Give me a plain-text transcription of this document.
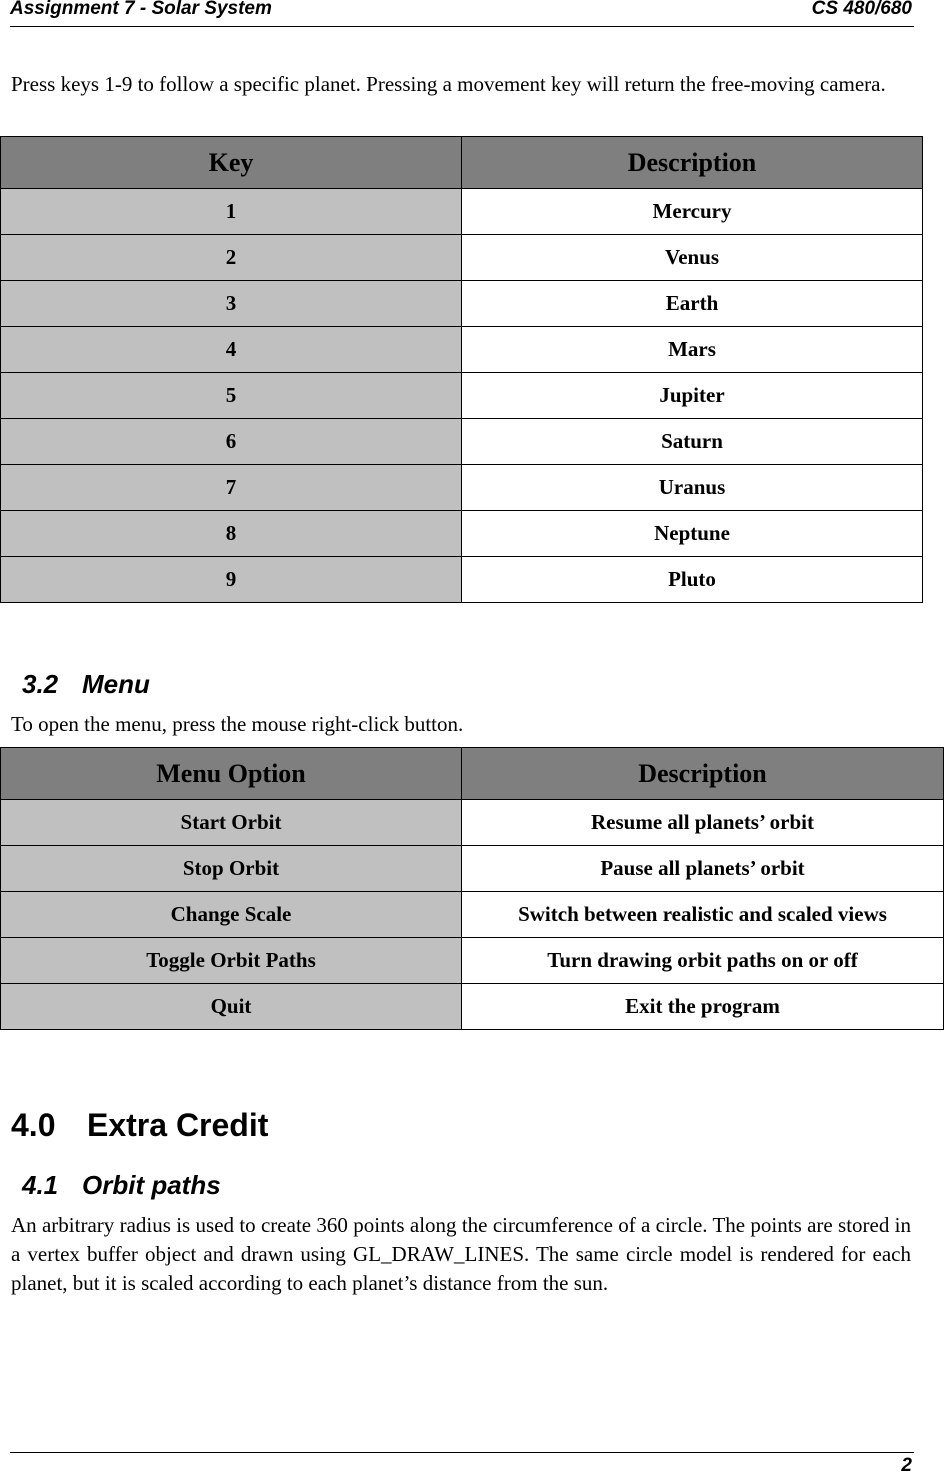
Assignment 7 - Solar System	CS 480/680
Press keys 1-9 to follow a specific planet. Pressing a movement key will return the free-moving camera.
Key	Description
1	Mercury
2	Venus
3	Earth
4	Mars
5	Jupiter
6	Saturn
7	Uranus
8	Neptune
9	Pluto
3.2 Menu
To open the menu, press the mouse right-click button.
Menu Option	Description
Start Orbit	Resume all planets’ orbit
Stop Orbit	Pause all planets’ orbit
Change Scale	Switch between realistic and scaled views
Toggle Orbit Paths	Turn drawing orbit paths on or off
Quit	Exit the program
4.0 Extra Credit
4.1 Orbit paths
An arbitrary radius is used to create 360 points along the circumference of a circle. The points are stored in a vertex buffer object and drawn using GL_DRAW_LINES. The same circle model is rendered for each planet, but it is scaled according to each planet’s distance from the sun.
2
